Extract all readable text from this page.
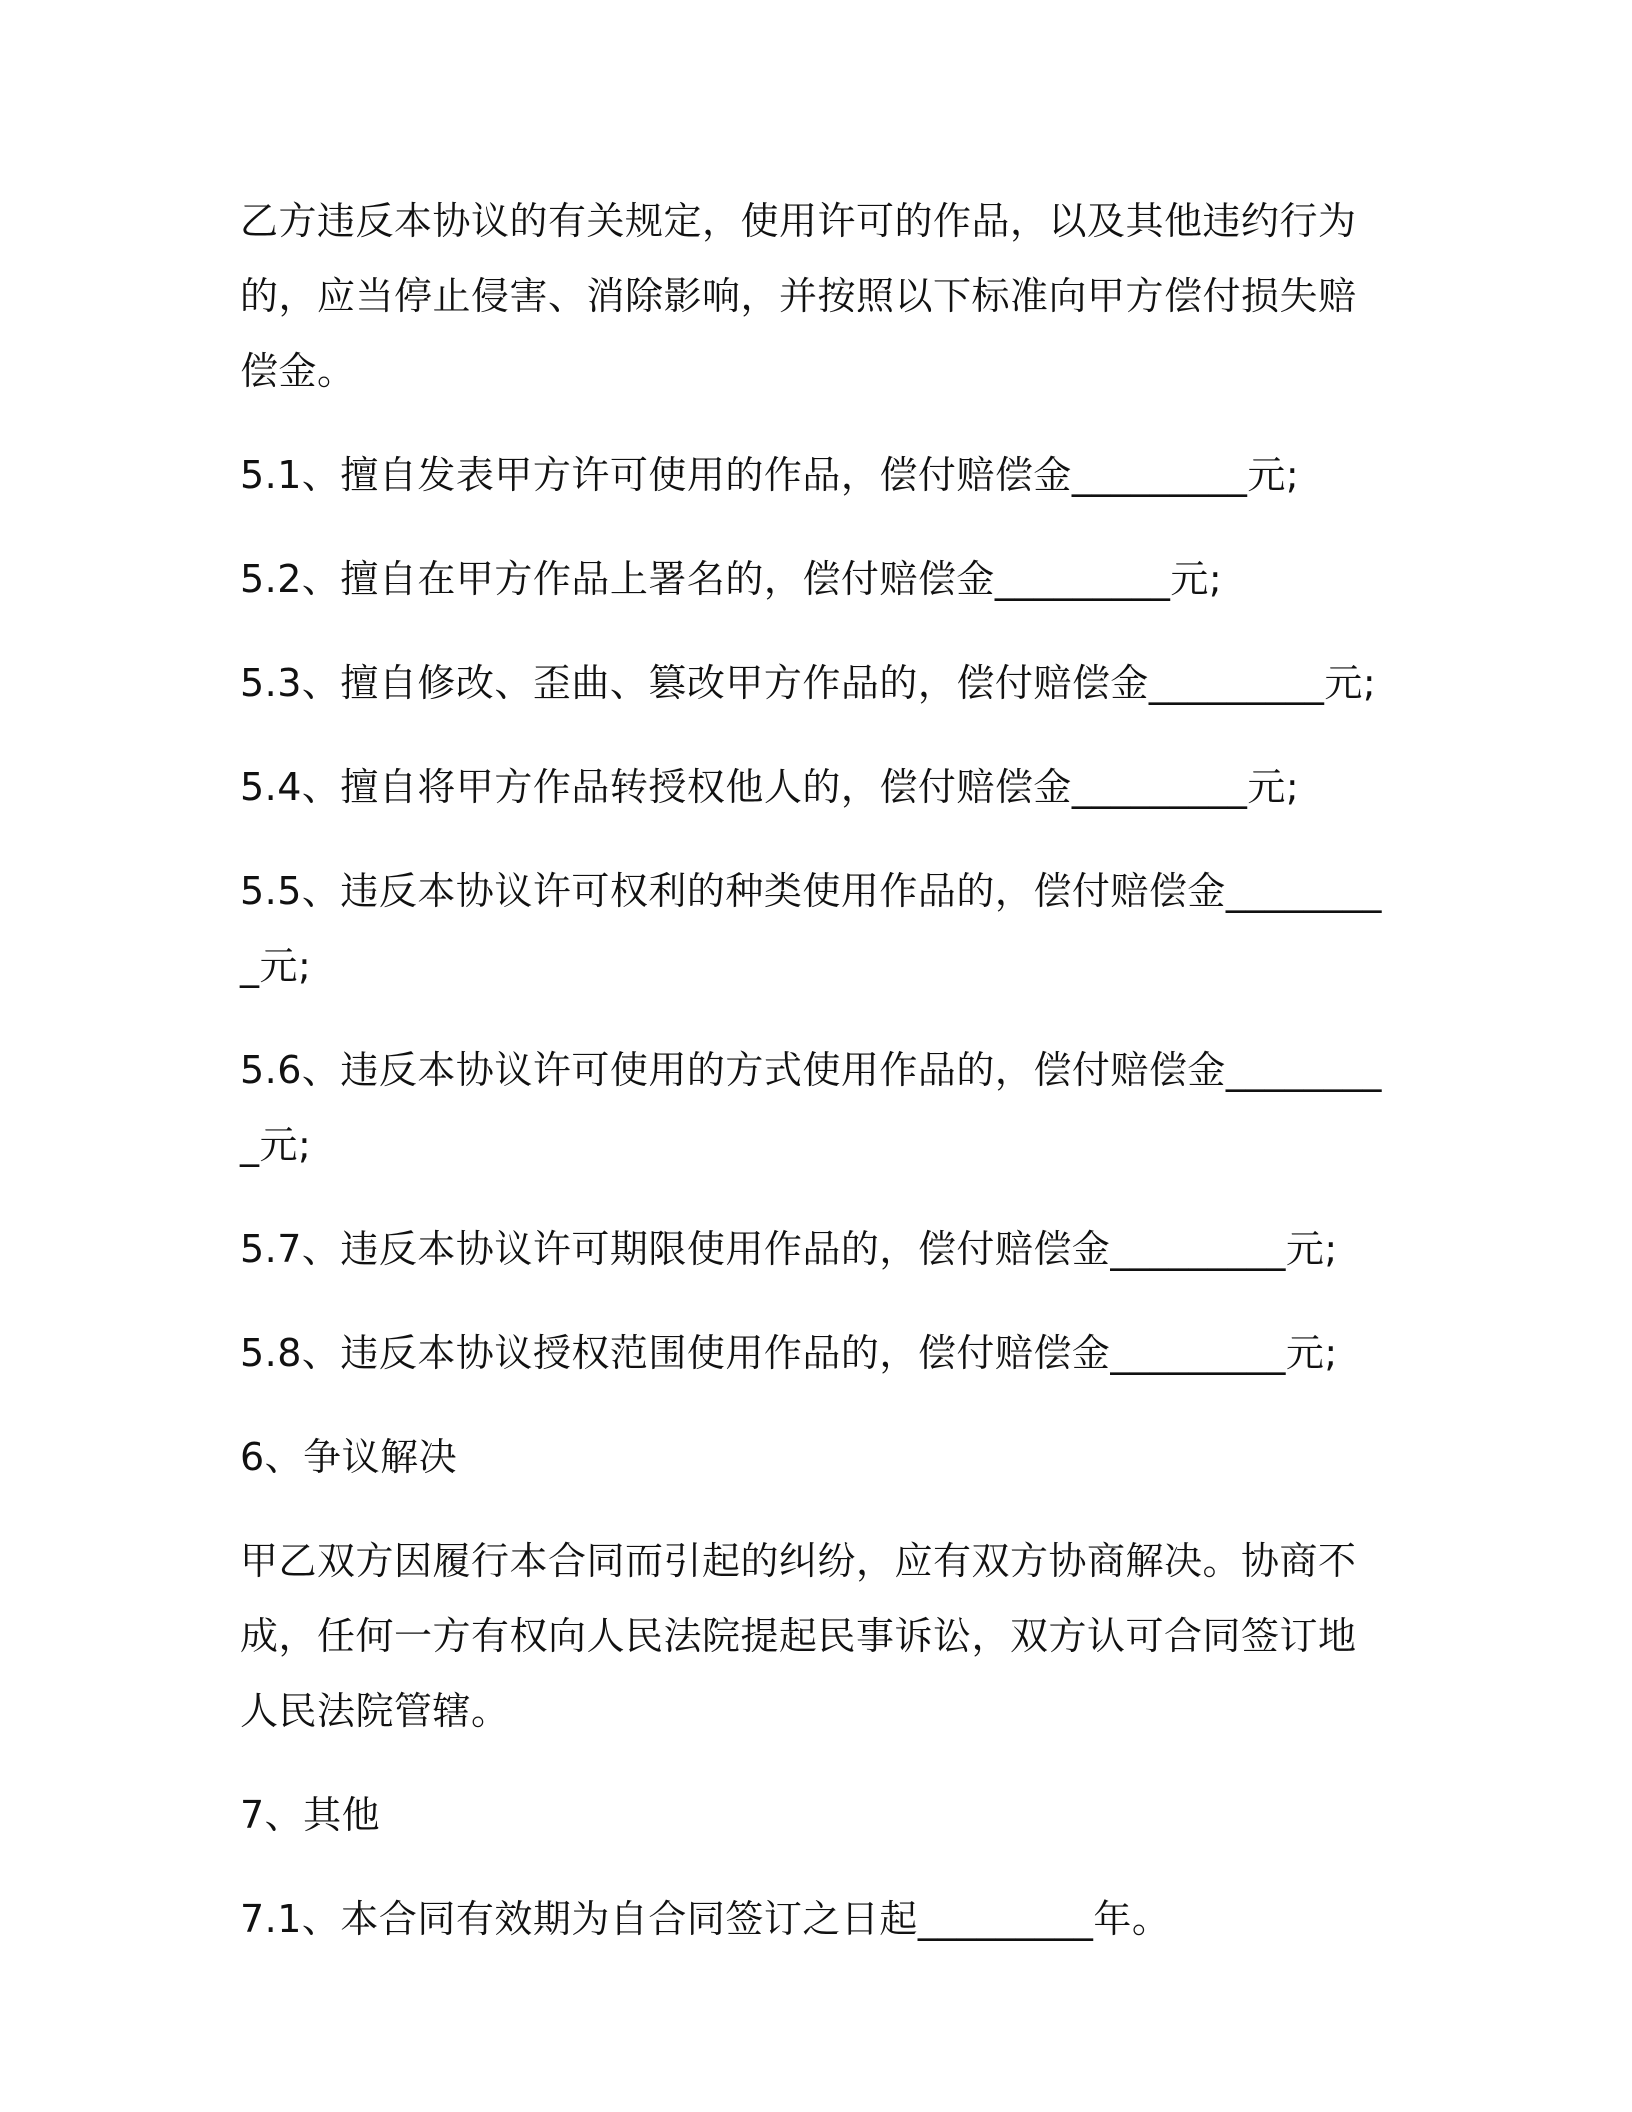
乙方违反本协议的有关规定，使用许可的作品，以及其他违约行为的，应当停止侵害、消除影响，并按照以下标准向甲方偿付损失赔偿金。

5.1、擅自发表甲方许可使用的作品，偿付赔偿金_________元;

5.2、擅自在甲方作品上署名的，偿付赔偿金_________元;

5.3、擅自修改、歪曲、篡改甲方作品的，偿付赔偿金_________元;

5.4、擅自将甲方作品转授权他人的，偿付赔偿金_________元;

5.5、违反本协议许可权利的种类使用作品的，偿付赔偿金_________元;

5.6、违反本协议许可使用的方式使用作品的，偿付赔偿金_________元;

5.7、违反本协议许可期限使用作品的，偿付赔偿金_________元;

5.8、违反本协议授权范围使用作品的，偿付赔偿金_________元;

6、争议解决

甲乙双方因履行本合同而引起的纠纷，应有双方协商解决。协商不成，任何一方有权向人民法院提起民事诉讼，双方认可合同签订地人民法院管辖。

7、其他

7.1、本合同有效期为自合同签订之日起_________年。
